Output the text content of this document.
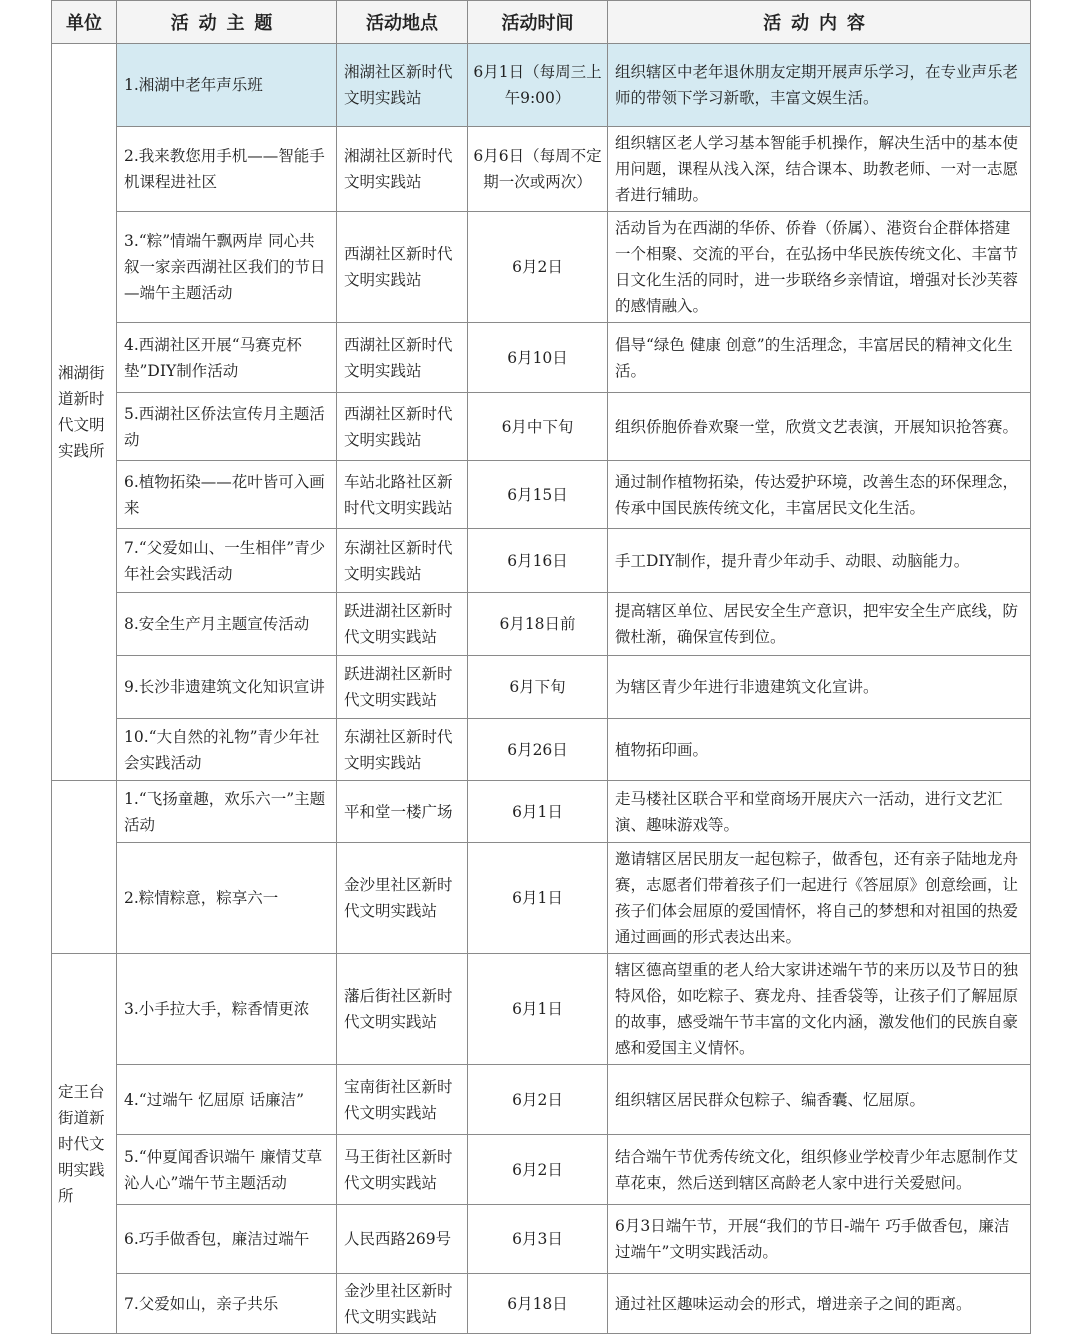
单位	活动主题	活动地点	活动时间	活动内容
湘湖街道新时代文明实践所	1.湘湖中老年声乐班	湘湖社区新时代文明实践站	6月1日（每周三上午9:00）	组织辖区中老年退休朋友定期开展声乐学习，在专业声乐老师的带领下学习新歌，丰富文娱生活。
	2.我来教您用手机——智能手机课程进社区	湘湖社区新时代文明实践站	6月6日（每周不定期一次或两次）	组织辖区老人学习基本智能手机操作，解决生活中的基本使用问题，课程从浅入深，结合课本、助教老师、一对一志愿者进行辅助。
	3.“粽”情端午飘两岸 同心共叙一家亲西湖社区我们的节日—端午主题活动	西湖社区新时代文明实践站	6月2日	活动旨为在西湖的华侨、侨眷（侨属）、港资台企群体搭建一个相聚、交流的平台，在弘扬中华民族传统文化、丰富节日文化生活的同时，进一步联络乡亲情谊，增强对长沙芙蓉的感情融入。
	4.西湖社区开展“马赛克杯垫”DIY制作活动	西湖社区新时代文明实践站	6月10日	倡导“绿色 健康 创意”的生活理念，丰富居民的精神文化生活。
	5.西湖社区侨法宣传月主题活动	西湖社区新时代文明实践站	6月中下旬	组织侨胞侨眷欢聚一堂，欣赏文艺表演，开展知识抢答赛。
	6.植物拓染——花叶皆可入画来	车站北路社区新时代文明实践站	6月15日	通过制作植物拓染，传达爱护环境，改善生态的环保理念，传承中国民族传统文化，丰富居民文化生活。
	7.“父爱如山、一生相伴”青少年社会实践活动	东湖社区新时代文明实践站	6月16日	手工DIY制作，提升青少年动手、动眼、动脑能力。
	8.安全生产月主题宣传活动	跃进湖社区新时代文明实践站	6月18日前	提高辖区单位、居民安全生产意识，把牢安全生产底线，防微杜渐，确保宣传到位。
	9.长沙非遗建筑文化知识宣讲	跃进湖社区新时代文明实践站	6月下旬	为辖区青少年进行非遗建筑文化宣讲。
	10.“大自然的礼物”青少年社会实践活动	东湖社区新时代文明实践站	6月26日	植物拓印画。
	1.“飞扬童趣，欢乐六一”主题活动	平和堂一楼广场	6月1日	走马楼社区联合平和堂商场开展庆六一活动，进行文艺汇演、趣味游戏等。
	2.粽情粽意，粽享六一	金沙里社区新时代文明实践站	6月1日	邀请辖区居民朋友一起包粽子，做香包，还有亲子陆地龙舟赛，志愿者们带着孩子们一起进行《答屈原》创意绘画，让孩子们体会屈原的爱国情怀，将自己的梦想和对祖国的热爱通过画画的形式表达出来。
定王台街道新时代文明实践所	3.小手拉大手，粽香情更浓	藩后街社区新时代文明实践站	6月1日	辖区德高望重的老人给大家讲述端午节的来历以及节日的独特风俗，如吃粽子、赛龙舟、挂香袋等，让孩子们了解屈原的故事，感受端午节丰富的文化内涵，激发他们的民族自豪感和爱国主义情怀。
	4.“过端午 忆屈原 话廉洁”	宝南街社区新时代文明实践站	6月2日	组织辖区居民群众包粽子、编香囊、忆屈原。
	5.“仲夏闻香识端午 廉情艾草沁人心”端午节主题活动	马王街社区新时代文明实践站	6月2日	结合端午节优秀传统文化，组织修业学校青少年志愿制作艾草花束，然后送到辖区高龄老人家中进行关爱慰问。
	6.巧手做香包，廉洁过端午	人民西路269号	6月3日	6月3日端午节，开展“我们的节日-端午 巧手做香包，廉洁过端午”文明实践活动。
	7.父爱如山，亲子共乐	金沙里社区新时代文明实践站	6月18日	通过社区趣味运动会的形式，增进亲子之间的距离。
